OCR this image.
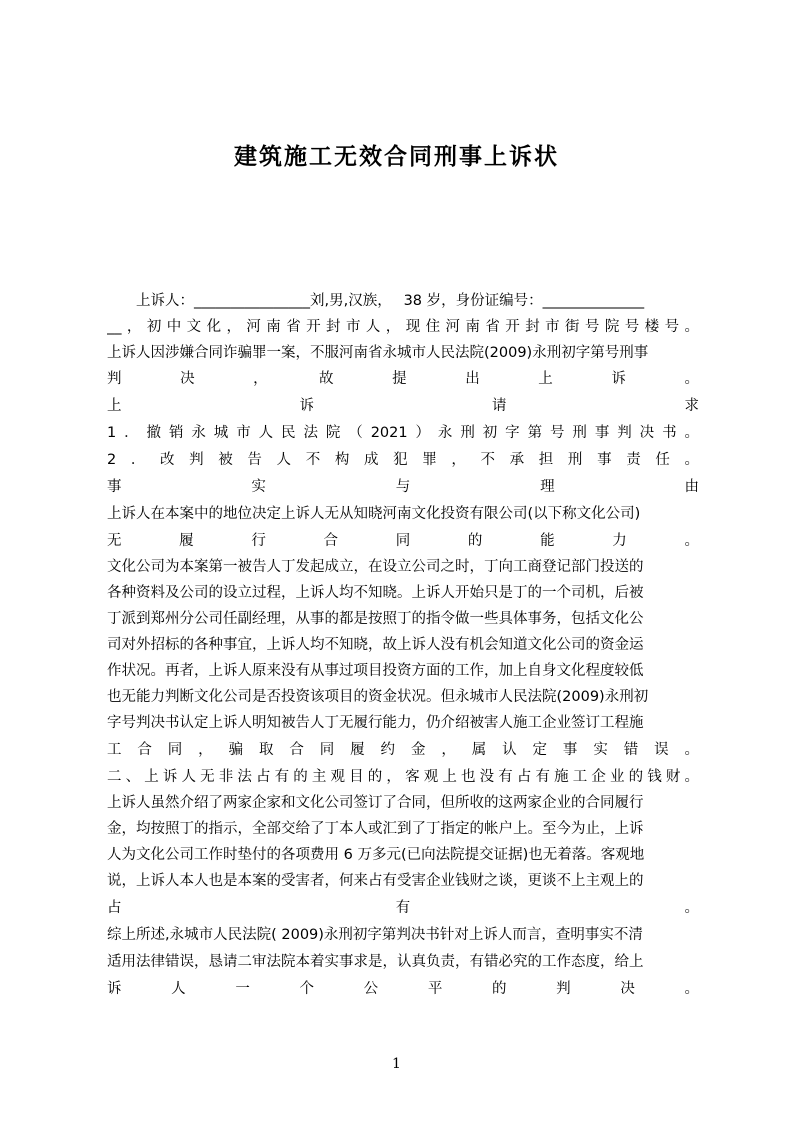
建筑施工无效合同刑事上诉状
　　上诉人：________________刘,男,汉族，　 38 岁，身份证编号：______________
__，初中文化，河南省开封市人，现住河南省开封市街号院号楼号。
上诉人因涉嫌合同诈骗罪一案，不服河南省永城市人民法院(2009)永刑初字第号刑事
判　　　　决　　　　，　　　　故　　　　提　　　　出　　　　上　　　　诉　　　　。
上　　　　　　　诉　　　　　　　请　　　　　　　求
1．撤销永城市人民法院（2021）永刑初字第号刑事判决书。
2．改判被告人不构成犯罪，不承担刑事责任。
事　　　　　实　　　　　与　　　　　理　　　　　由
上诉人在本案中的地位决定上诉人无从知晓河南文化投资有限公司(以下称文化公司)
无　　　履　　　行　　　合　　　同　　　的　　　能　　　力　　　。
文化公司为本案第一被告人丁发起成立，在设立公司之时，丁向工商登记部门投送的
各种资料及公司的设立过程，上诉人均不知晓。上诉人开始只是丁的一个司机，后被
丁派到郑州分公司任副经理，从事的都是按照丁的指令做一些具体事务，包括文化公
司对外招标的各种事宜，上诉人均不知晓，故上诉人没有机会知道文化公司的资金运
作状况。再者，上诉人原来没有从事过项目投资方面的工作，加上自身文化程度较低
也无能力判断文化公司是否投资该项目的资金状况。但永城市人民法院(2009)永刑初
字号判决书认定上诉人明知被告人丁无履行能力，仍介绍被害人施工企业签订工程施
工合同，骗取合同履约金，属认定事实错误。
二、上诉人无非法占有的主观目的，客观上也没有占有施工企业的钱财。
上诉人虽然介绍了两家企家和文化公司签订了合同，但所收的这两家企业的合同履行
金，均按照丁的指示，全部交给了丁本人或汇到了丁指定的帐户上。至今为止，上诉
人为文化公司工作时垫付的各项费用 6 万多元(已向法院提交证据)也无着落。客观地
说，上诉人本人也是本案的受害者，何来占有受害企业钱财之谈，更谈不上主观上的
占　　　　　　　　　　　　　　　有　　　　　　　　　　　　　　　。
综上所述,永城市人民法院( 2009)永刑初字第判决书针对上诉人而言，查明事实不清
适用法律错误，恳请二审法院本着实事求是，认真负责，有错必究的工作态度，给上
诉　　　人　　　一　　　个　　　公　　　平　　　的　　　判　　　决　　　。
1
